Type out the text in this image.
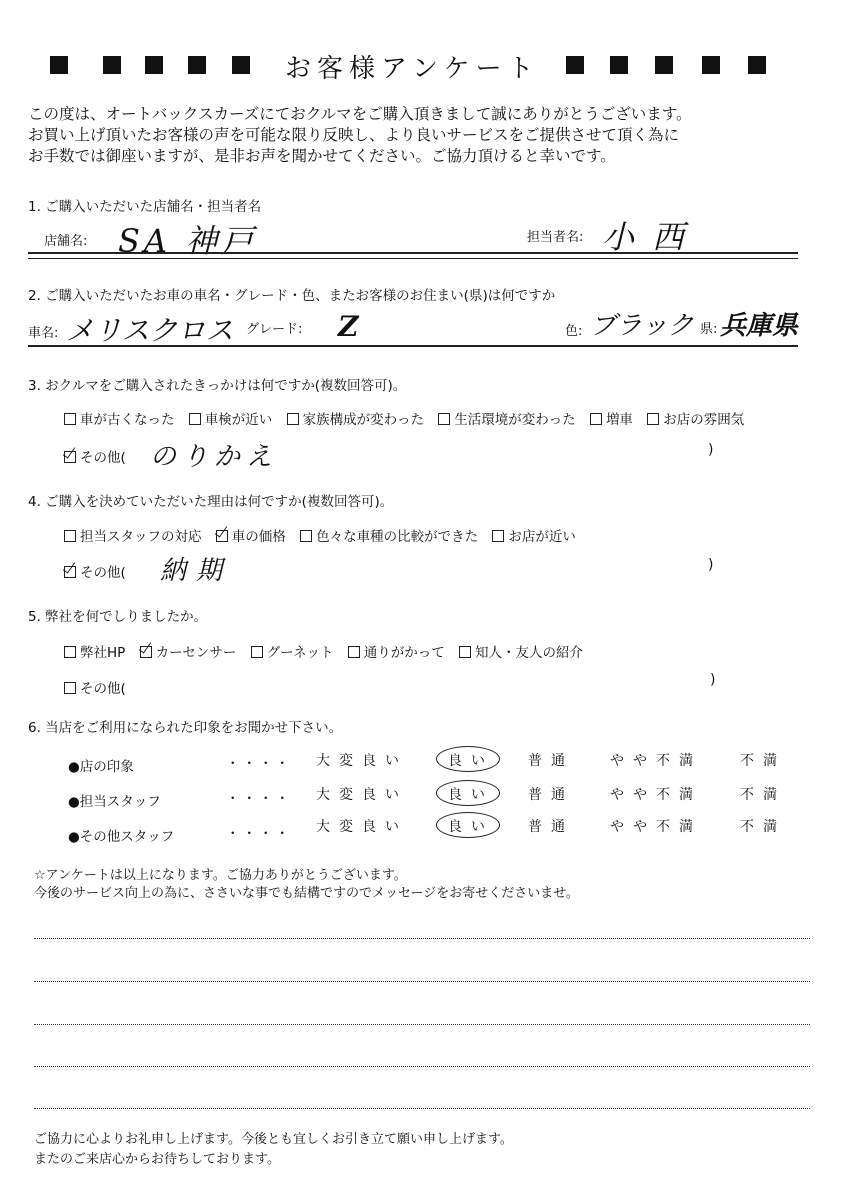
お客様アンケート
この度は、オートバックスカーズにておクルマをご購入頂きまして誠にありがとうございます。
お買い上げ頂いたお客様の声を可能な限り反映し、より良いサービスをご提供させて頂く為に
お手数では御座いますが、是非お声を聞かせてください。ご協力頂けると幸いです。
1. ご購入いただいた店舗名・担当者名
店舗名: SA 神戸	担当者名: 小西
2. ご購入いただいたお車の車名・グレード・色、またお客様のお住まい(県)は何ですか
車名: メリスクロス グレード: Z	色: ブラック 県: 兵庫県
3. おクルマをご購入されたきっかけは何ですか(複数回答可)。
車が古くなった 車検が近い 家族構成が変わった 生活環境が変わった 増車 お店の雰囲気
その他( のりかえ	)
4. ご購入を決めていただいた理由は何ですか(複数回答可)。
担当スタッフの対応 車の価格 色々な車種の比較ができた お店が近い
その他( 納期	)
5. 弊社を何でしりましたか。
弊社HP カーセンサー グーネット 通りがかって 知人・友人の紹介
その他(
)
6. 当店をご利用になられた印象をお聞かせ下さい。
●店の印象	・・・・ 大変良い	良い 普通	やや不満	不満
●担当スタッフ	・・・・ 大変良い	良い 普通	やや不満	不満
●その他スタッフ	・・・・ 大変良い	良い 普通	やや不満	不満
☆アンケートは以上になります。ご協力ありがとうございます。
今後のサービス向上の為に、ささいな事でも結構ですのでメッセージをお寄せくださいませ。
ご協力に心よりお礼申し上げます。今後とも宜しくお引き立て願い申し上げます。
またのご来店心からお待ちしております。
